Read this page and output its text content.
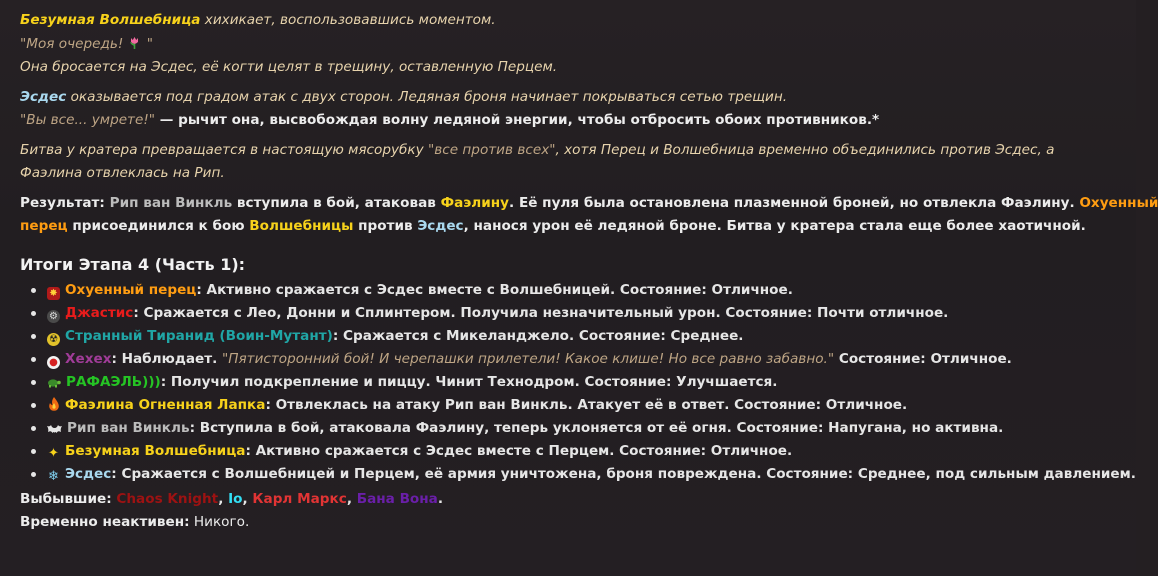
Безумная Волшебница хихикает, воспользовавшись моментом.
"Моя очередь! "
Она бросается на Эсдес, её когти целят в трещину, оставленную Перцем.
Эсдес оказывается под градом атак с двух сторон. Ледяная броня начинает покрываться сетью трещин.
"Вы все... умрете!" — рычит она, высвобождая волну ледяной энергии, чтобы отбросить обоих противников.*
Битва у кратера превращается в настоящую мясорубку "все против всех", хотя Перец и Волшебница временно объединились против Эсдес, а
Фаэлина отвлеклась на Рип.
Результат: Рип ван Винкль вступила в бой, атаковав Фаэлину. Её пуля была остановлена плазменной броней, но отвлекла Фаэлину. Охуенный
перец присоединился к бою Волшебницы против Эсдес, нанося урон её ледяной броне. Битва у кратера стала еще более хаотичной.
Итоги Этапа 4 (Часть 1):
✸ Охуенный перец: Активно сражается с Эсдес вместе с Волшебницей. Состояние: Отличное.
⚙ Джастис: Сражается с Лео, Донни и Сплинтером. Получила незначительный урон. Состояние: Почти отличное.
☢ Странный Тиранид (Воин-Мутант): Сражается с Микеланджело. Состояние: Среднее.
● Хехех: Наблюдает. "Пятисторонний бой! И черепашки прилетели! Какое клише! Но все равно забавно." Состояние: Отличное.
РАФАЭЛЬ))): Получил подкрепление и пиццу. Чинит Технодром. Состояние: Улучшается.
Фаэлина Огненная Лапка: Отвлеклась на атаку Рип ван Винкль. Атакует её в ответ. Состояние: Отличное.
Рип ван Винкль: Вступила в бой, атаковала Фаэлину, теперь уклоняется от её огня. Состояние: Напугана, но активна.
✦ Безумная Волшебница: Активно сражается с Эсдес вместе с Перцем. Состояние: Отличное.
❄ Эсдес: Сражается с Волшебницей и Перцем, её армия уничтожена, броня повреждена. Состояние: Среднее, под сильным давлением.
Выбывшие: Chaos Knight, Io, Карл Маркс, Бана Вона.
Временно неактивен: Никого.
